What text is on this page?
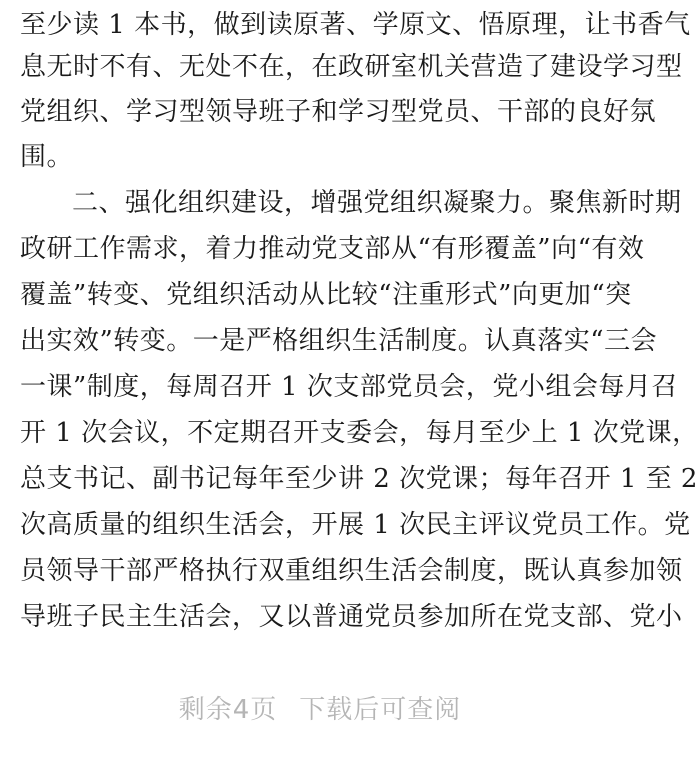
至少读 1 本书，做到读原著、学原文、悟原理，让书香气
息无时不有、无处不在，在政研室机关营造了建设学习型
党组织、学习型领导班子和学习型党员、干部的良好氛
围。
二、强化组织建设，增强党组织凝聚力。聚焦新时期
政研工作需求，着力推动党支部从“有形覆盖”向“有效
覆盖”转变、党组织活动从比较“注重形式”向更加“突
出实效”转变。一是严格组织生活制度。认真落实“三会
一课”制度，每周召开 1 次支部党员会，党小组会每月召
开 1 次会议，不定期召开支委会，每月至少上 1 次党课，
总支书记、副书记每年至少讲 2 次党课；每年召开 1 至 2
次高质量的组织生活会，开展 1 次民主评议党员工作。党
员领导干部严格执行双重组织生活会制度，既认真参加领
导班子民主生活会，又以普通党员参加所在党支部、党小
剩余4页 下载后可查阅
